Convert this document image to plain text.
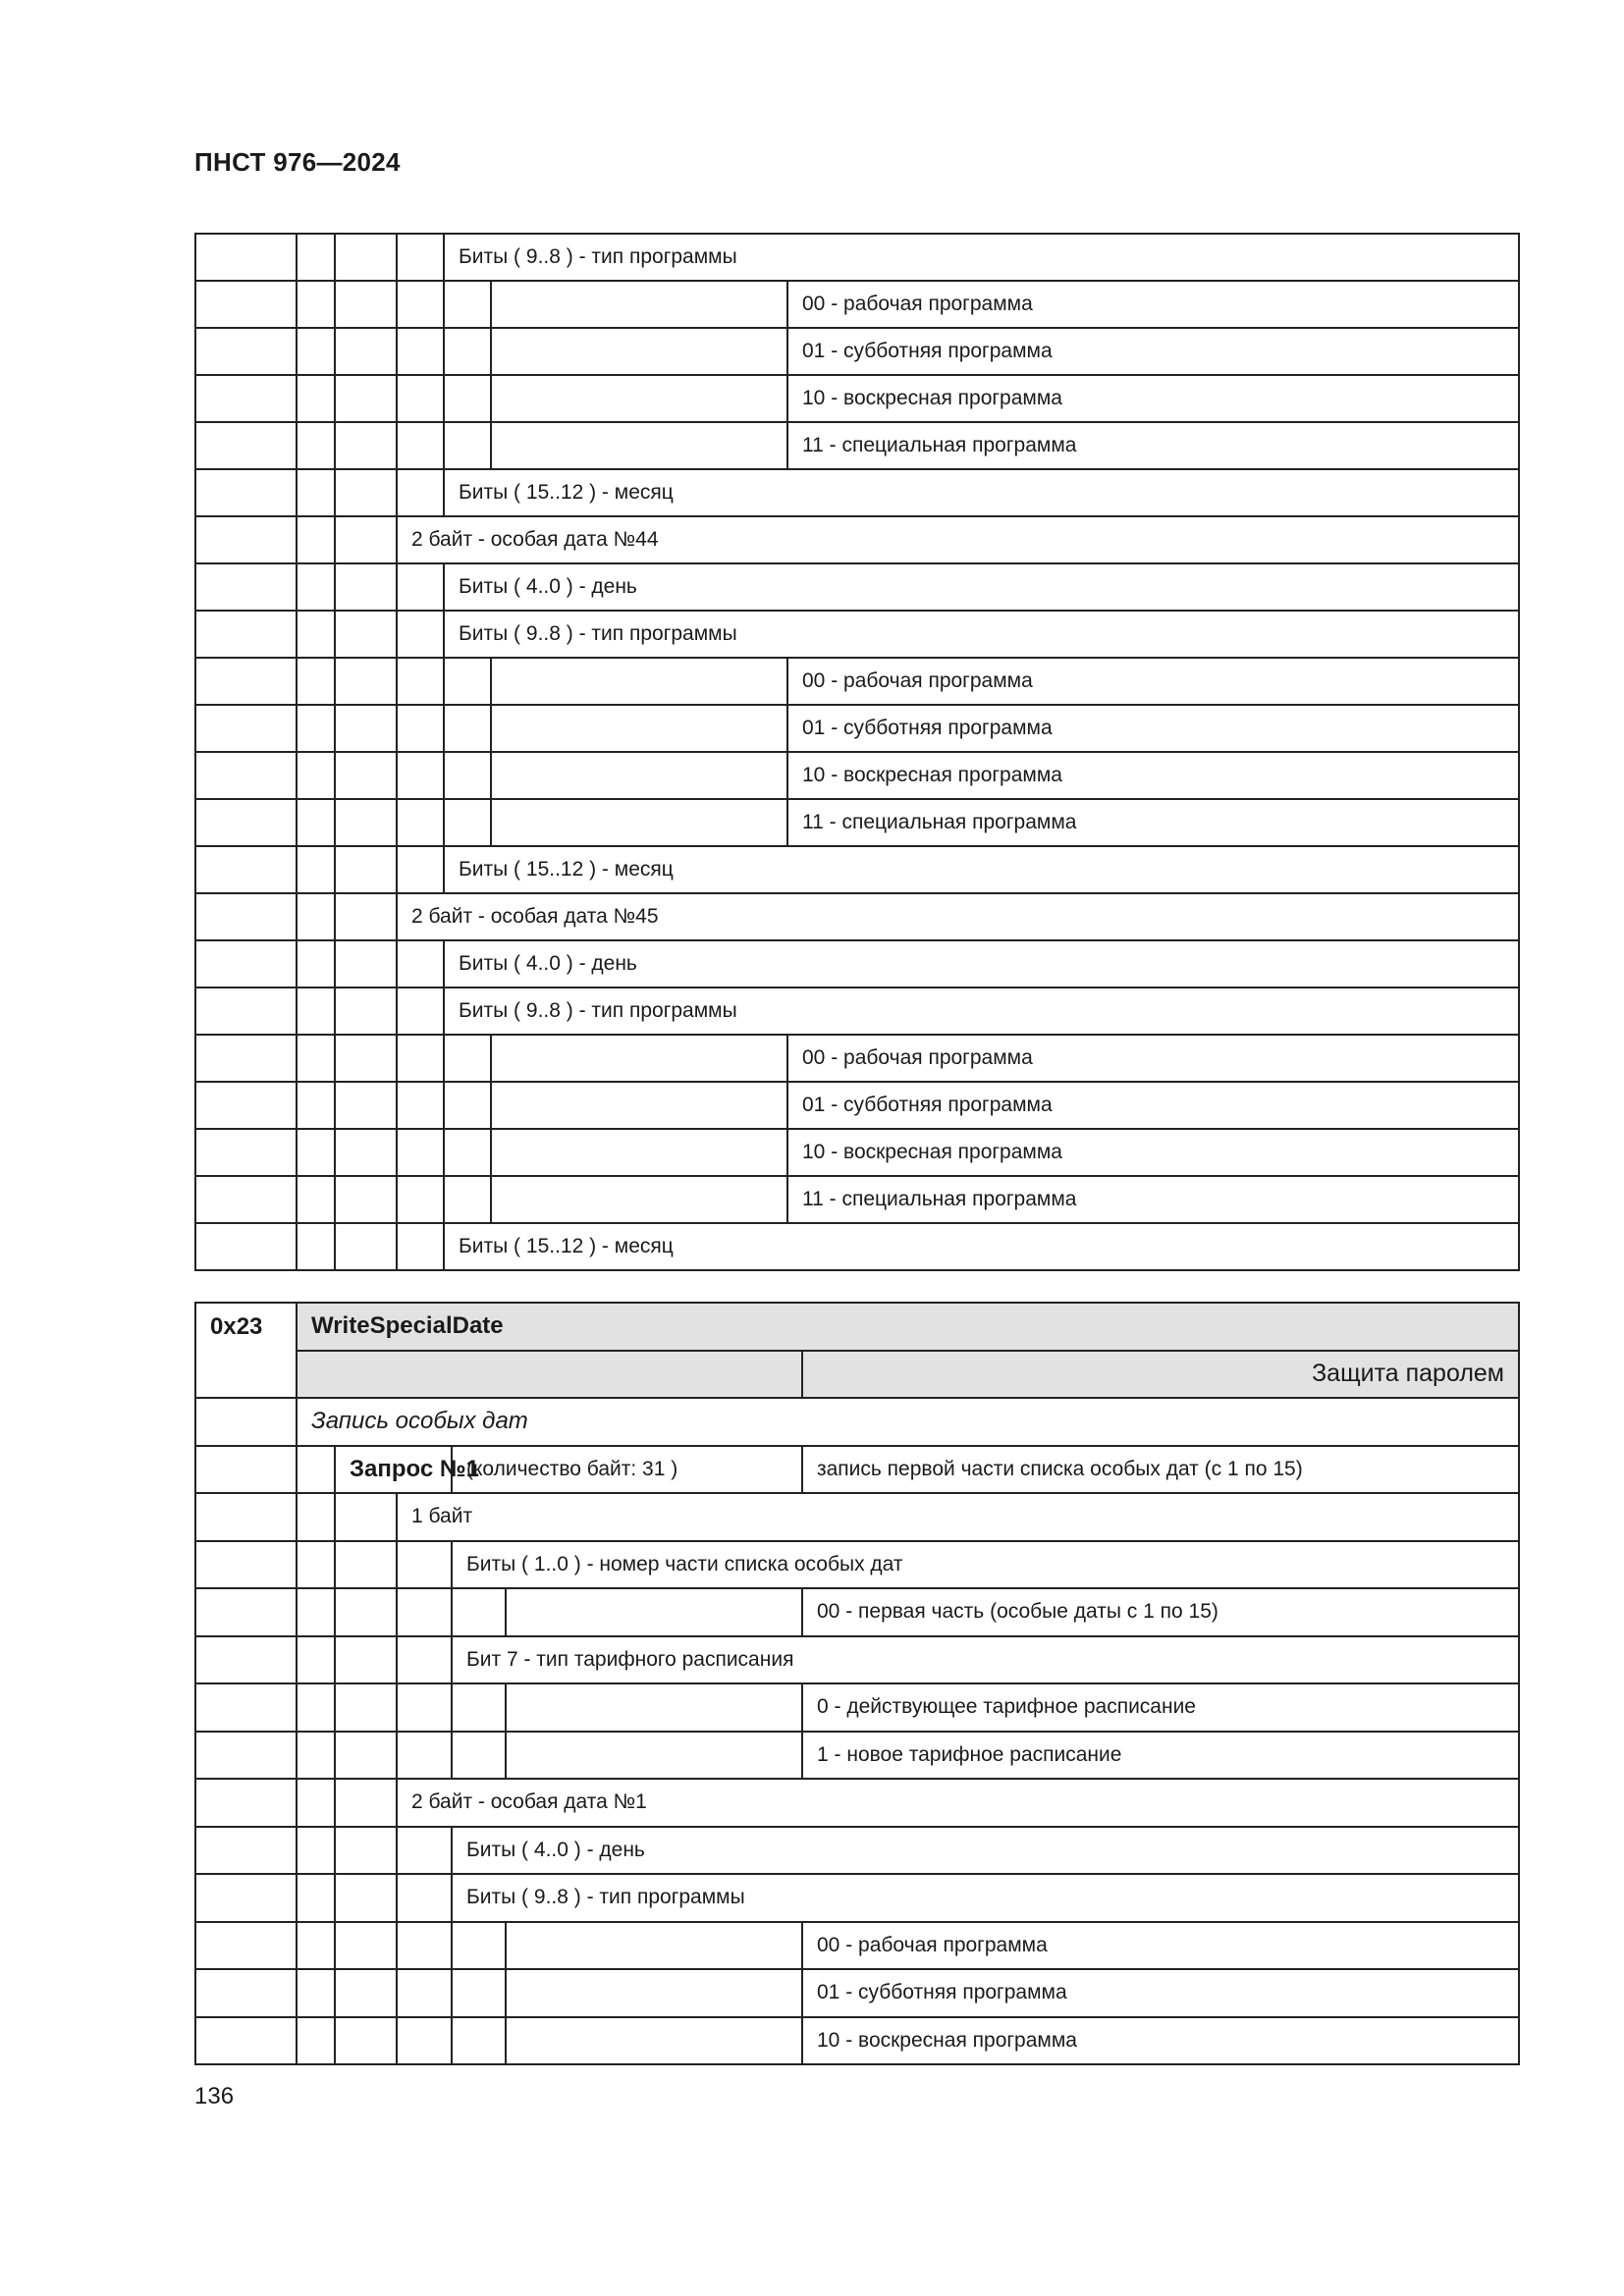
ПНСТ 976—2024
				Биты ( 9..8 ) - тип программы		
						00 - рабочая программа
						01 - субботняя программа
						10 - воскресная программа
						11 - специальная программа
				Биты ( 15..12 ) - месяц		
			2 байт - особая дата №44			
				Биты ( 4..0 ) - день		
				Биты ( 9..8 ) - тип программы		
						00 - рабочая программа
						01 - субботняя программа
						10 - воскресная программа
						11 - специальная программа
				Биты ( 15..12 ) - месяц		
			2 байт - особая дата №45			
				Биты ( 4..0 ) - день		
				Биты ( 9..8 ) - тип программы		
						00 - рабочая программа
						01 - субботняя программа
						10 - воскресная программа
						11 - специальная программа
				Биты ( 15..12 ) - месяц		
0x23	WriteSpecialDate					
						Защита паролем
	Запись особых дат					
		Запрос №1		(количество байт: 31 )		запись первой части списка особых дат (с 1 по 15)
			1 байт			
				Биты ( 1..0 ) - номер части списка особых дат		
						00 - первая часть (особые даты с 1 по 15)
				Бит 7 - тип тарифного расписания		
						0 - действующее тарифное расписание
						1 - новое тарифное расписание
			2 байт - особая дата №1			
				Биты ( 4..0 ) - день		
				Биты ( 9..8 ) - тип программы		
						00 - рабочая программа
						01 - субботняя программа
						10 - воскресная программа
136
